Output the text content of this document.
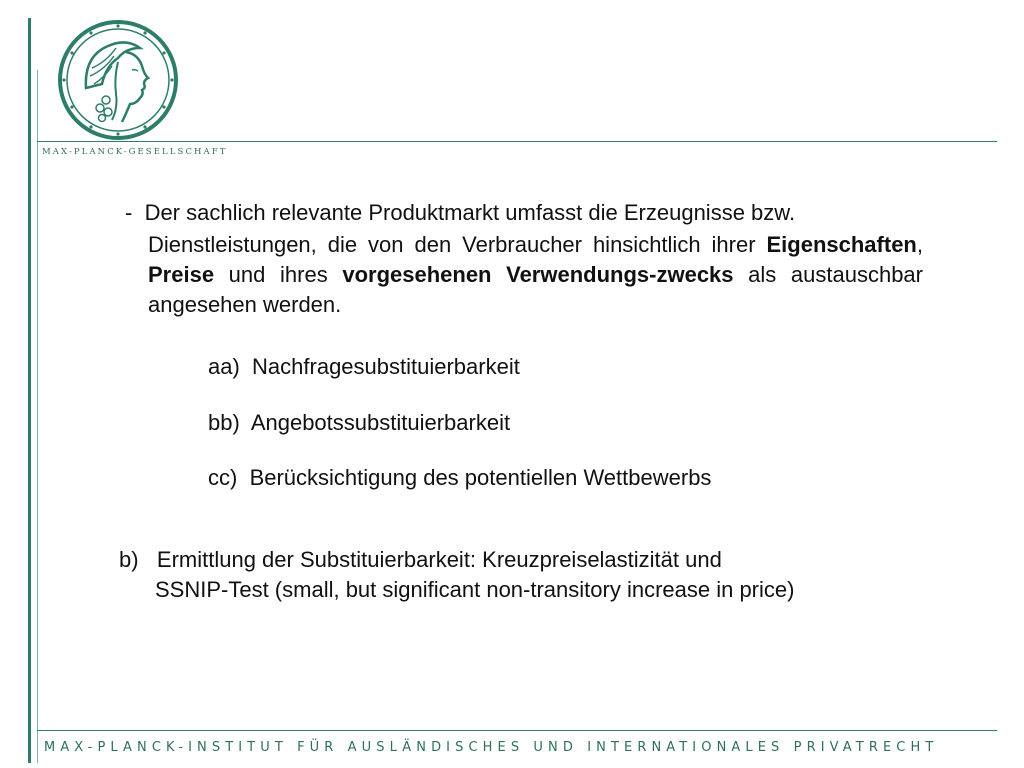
MAX-PLANCK-GESELLSCHAFT
- Der sachlich relevante Produktmarkt umfasst die Erzeugnisse bzw.
Dienstleistungen, die von den Verbraucher hinsichtlich ihrer Eigenschaften, Preise und ihres vorgesehenen Verwendungs-zwecks als austauschbar angesehen werden.
aa) Nachfragesubstituierbarkeit
bb) Angebotssubstituierbarkeit
cc) Berücksichtigung des potentiellen Wettbewerbs
b) Ermittlung der Substituierbarkeit: Kreuzpreiselastizität und
SSNIP-Test (small, but significant non-transitory increase in price)
MAX-PLANCK-INSTITUT FÜR AUSLÄNDISCHES UND INTERNATIONALES PRIVATRECHT
